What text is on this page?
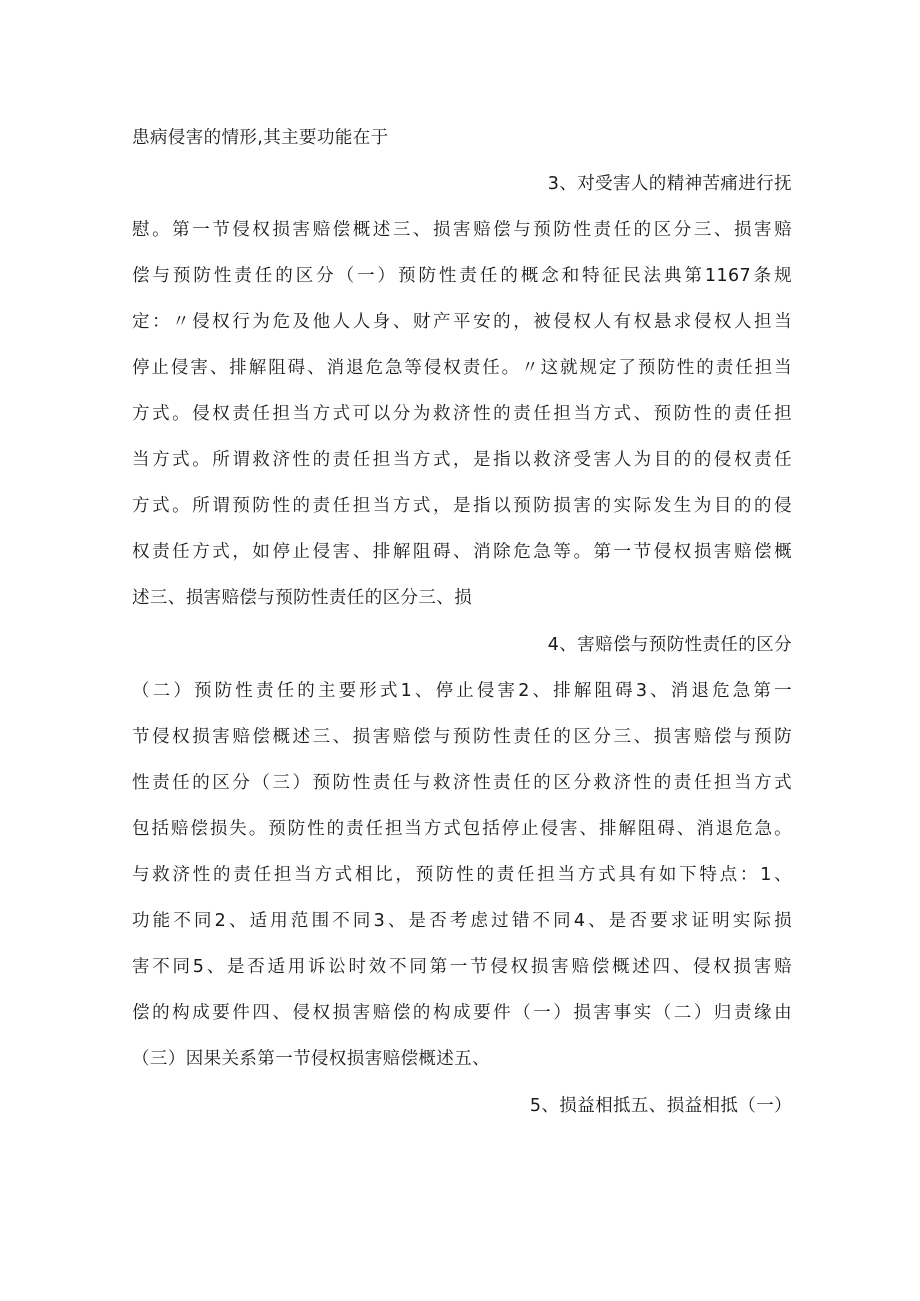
患病侵害的情形,其主要功能在于
3、对受害人的精神苦痛进行抚
慰。第一节侵权损害赔偿概述三、损害赔偿与预防性责任的区分三、损害赔
偿与预防性责任的区分（一）预防性责任的概念和特征民法典第1167条规
定：〃侵权行为危及他人人身、财产平安的，被侵权人有权悬求侵权人担当
停止侵害、排解阻碍、消退危急等侵权责任。〃这就规定了预防性的责任担当
方式。侵权责任担当方式可以分为救济性的责任担当方式、预防性的责任担
当方式。所谓救济性的责任担当方式，是指以救济受害人为目的的侵权责任
方式。所谓预防性的责任担当方式，是指以预防损害的实际发生为目的的侵
权责任方式，如停止侵害、排解阻碍、消除危急等。第一节侵权损害赔偿概
述三、损害赔偿与预防性责任的区分三、损
4、害赔偿与预防性责任的区分
（二）预防性责任的主要形式1、停止侵害2、排解阻碍3、消退危急第一
节侵权损害赔偿概述三、损害赔偿与预防性责任的区分三、损害赔偿与预防
性责任的区分（三）预防性责任与救济性责任的区分救济性的责任担当方式
包括赔偿损失。预防性的责任担当方式包括停止侵害、排解阻碍、消退危急。
与救济性的责任担当方式相比，预防性的责任担当方式具有如下特点：1、
功能不同2、适用范围不同3、是否考虑过错不同4、是否要求证明实际损
害不同5、是否适用诉讼时效不同第一节侵权损害赔偿概述四、侵权损害赔
偿的构成要件四、侵权损害赔偿的构成要件（一）损害事实（二）归责缘由
（三）因果关系第一节侵权损害赔偿概述五、
5、损益相抵五、损益相抵（一）
